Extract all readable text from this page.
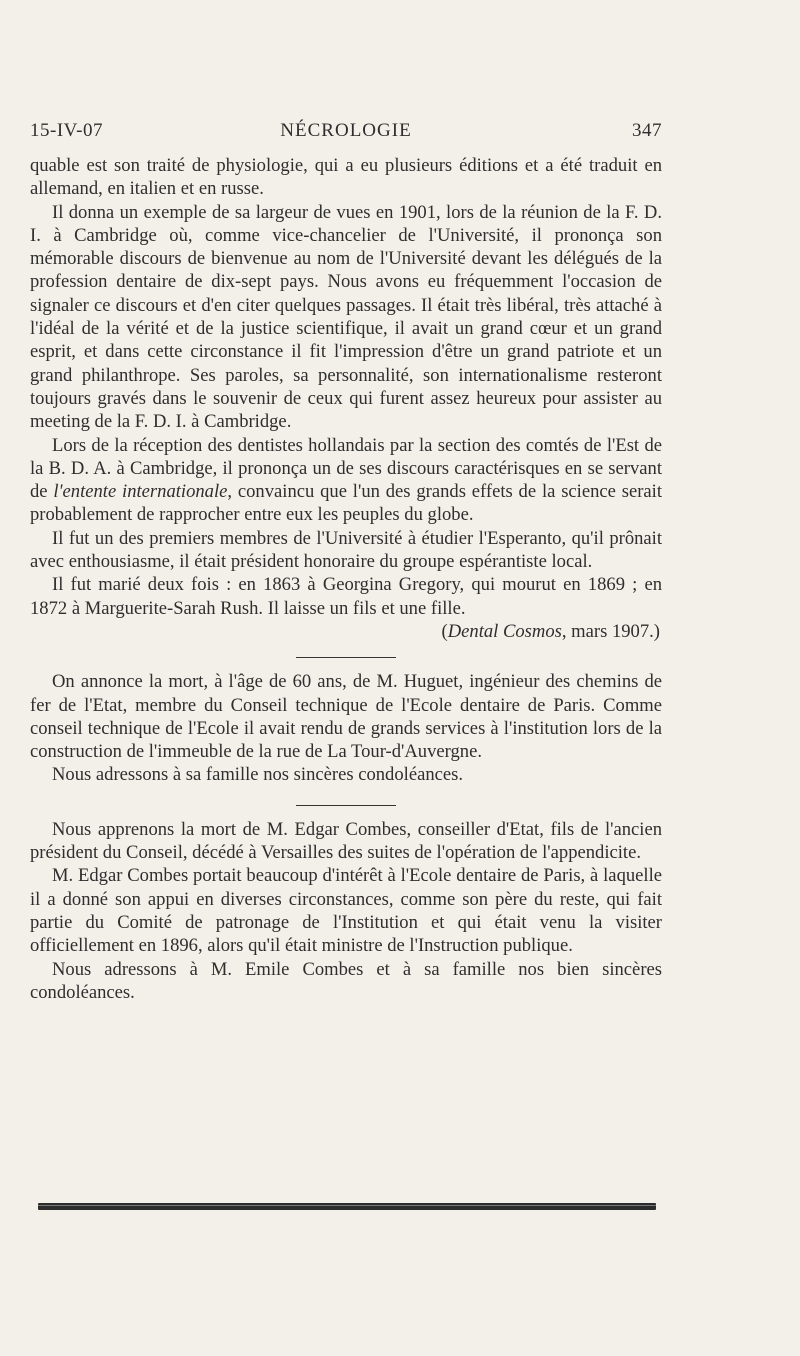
15-IV-07	NÉCROLOGIE	347

quable est son traité de physiologie, qui a eu plusieurs éditions et a été traduit en allemand, en italien et en russe.

Il donna un exemple de sa largeur de vues en 1901, lors de la réunion de la F. D. I. à Cambridge où, comme vice-chancelier de l'Université, il prononça son mémorable discours de bienvenue au nom de l'Université devant les délégués de la profession dentaire de dix-sept pays. Nous avons eu fréquemment l'occasion de signaler ce discours et d'en citer quelques passages. Il était très libéral, très attaché à l'idéal de la vérité et de la justice scientifique, il avait un grand cœur et un grand esprit, et dans cette circonstance il fit l'impression d'être un grand patriote et un grand philanthrope. Ses paroles, sa personnalité, son internationalisme resteront toujours gravés dans le souvenir de ceux qui furent assez heureux pour assister au meeting de la F. D. I. à Cambridge.

Lors de la réception des dentistes hollandais par la section des comtés de l'Est de la B. D. A. à Cambridge, il prononça un de ses discours caractérisques en se servant de l'entente internationale, convaincu que l'un des grands effets de la science serait probablement de rapprocher entre eux les peuples du globe.

Il fut un des premiers membres de l'Université à étudier l'Esperanto, qu'il prônait avec enthousiasme, il était président honoraire du groupe espérantiste local.

Il fut marié deux fois : en 1863 à Georgina Gregory, qui mourut en 1869 ; en 1872 à Marguerite-Sarah Rush. Il laisse un fils et une fille.

(Dental Cosmos, mars 1907.)

On annonce la mort, à l'âge de 60 ans, de M. Huguet, ingénieur des chemins de fer de l'Etat, membre du Conseil technique de l'Ecole dentaire de Paris. Comme conseil technique de l'Ecole il avait rendu de grands services à l'institution lors de la construction de l'immeuble de la rue de La Tour-d'Auvergne.

Nous adressons à sa famille nos sincères condoléances.

Nous apprenons la mort de M. Edgar Combes, conseiller d'Etat, fils de l'ancien président du Conseil, décédé à Versailles des suites de l'opération de l'appendicite.

M. Edgar Combes portait beaucoup d'intérêt à l'Ecole dentaire de Paris, à laquelle il a donné son appui en diverses circonstances, comme son père du reste, qui fait partie du Comité de patronage de l'Institution et qui était venu la visiter officiellement en 1896, alors qu'il était ministre de l'Instruction publique.

Nous adressons à M. Emile Combes et à sa famille nos bien sincères condoléances.
